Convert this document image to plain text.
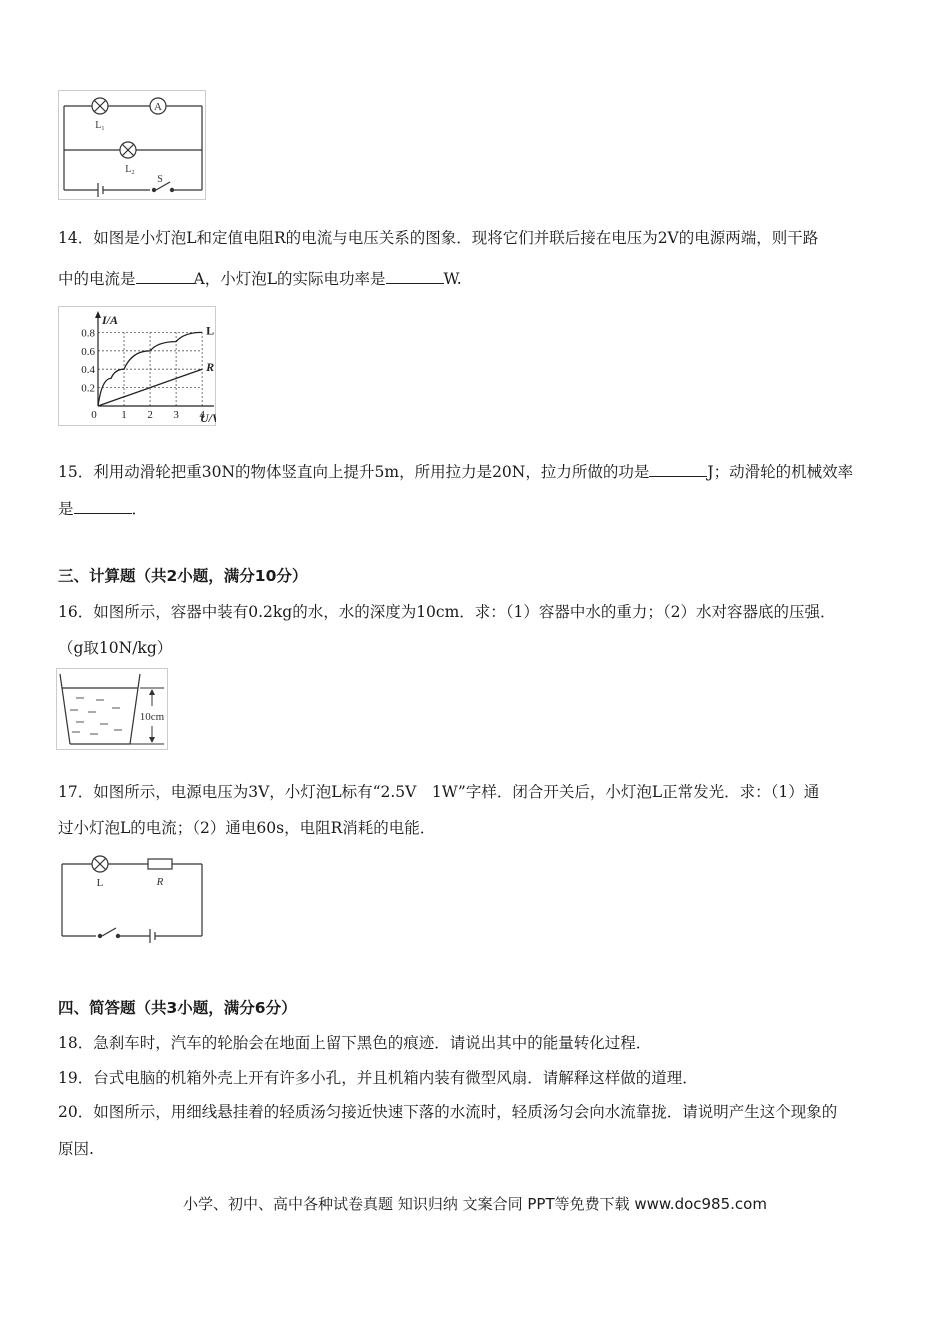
A
L₁
L₂
S
14．如图是小灯泡L和定值电阻R的电流与电压关系的图象．现将它们并联后接在电压为2V的电源两端，则干路
中的电流是	A，小灯泡L的实际电功率是	W.
0 1 2 3 4
0.2
0.4
0.6
0.8
I/A
U/
L
R
15．利用动滑轮把重30N的物体竖直向上提升5m，所用拉力是20N，拉力所做的功是	J；动滑轮的机械效率
是	．
三、计算题（共2小题，满分10分）
16．如图所示，容器中装有0.2kg的水，水的深度为10cm．求：（1）容器中水的重力；（2）水对容器底的压强．
（g取10N/kg）
10cm
17．如图所示，电源电压为3V，小灯泡L标有“2.5V　1W”字样．闭合开关后，小灯泡L正常发光．求：（1）通
过小灯泡L的电流；（2）通电60s，电阻R消耗的电能．
L	R
四、简答题（共3小题，满分6分）
18．急刹车时，汽车的轮胎会在地面上留下黑色的痕迹．请说出其中的能量转化过程．
19．台式电脑的机箱外壳上开有许多小孔，并且机箱内装有微型风扇．请解释这样做的道理．
20．如图所示，用细线悬挂着的轻质汤匀接近快速下落的水流时，轻质汤匀会向水流靠拢．请说明产生这个现象的
原因.
小学、初中、高中各种试卷真题 知识归纳 文案合同 PPT等免费下载 www.doc985.com
